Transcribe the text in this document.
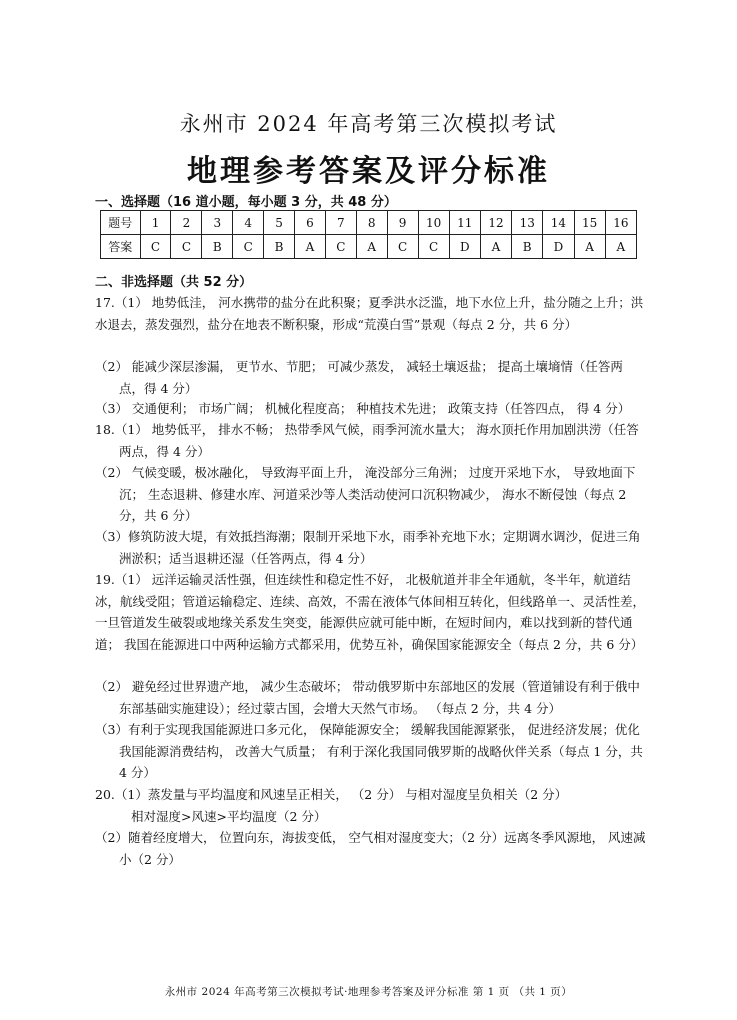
永州市 2024 年高考第三次模拟考试
地理参考答案及评分标准
一、选择题（16 道小题，每小题 3 分，共 48 分）
题号	1	2	3	4	5	6	7	8	9	10	11	12	13	14	15	16
答案	C	C	B	C	B	A	C	A	C	C	D	A	B	D	A	A
二、非选择题（共 52 分）

17.（1） 地势低洼， 河水携带的盐分在此积聚；夏季洪水泛滥，地下水位上升，盐分随之上升；洪水退去，蒸发强烈，盐分在地表不断积聚，形成“荒漠白雪”景观（每点 2 分，共 6 分）

（2） 能减少深层渗漏， 更节水、节肥； 可减少蒸发， 减轻土壤返盐； 提高土壤墒情（任答两点，得 4 分）

（3） 交通便利； 市场广阔； 机械化程度高； 种植技术先进； 政策支持（任答四点， 得 4 分）

18.（1） 地势低平， 排水不畅； 热带季风气候，雨季河流水量大； 海水顶托作用加剧洪涝（任答两点，得 4 分）

（2） 气候变暖，极冰融化， 导致海平面上升， 淹没部分三角洲； 过度开采地下水， 导致地面下沉； 生态退耕、修建水库、河道采沙等人类活动使河口沉积物减少， 海水不断侵蚀（每点 2 分，共 6 分）

（3）修筑防波大堤，有效抵挡海潮；限制开采地下水，雨季补充地下水；定期调水调沙，促进三角洲淤积；适当退耕还湿（任答两点，得 4 分）

19.（1） 远洋运输灵活性强，但连续性和稳定性不好， 北极航道并非全年通航，冬半年，航道结冰，航线受阻；管道运输稳定、连续、高效，不需在液体气体间相互转化，但线路单一、灵活性差， 一旦管道发生破裂或地缘关系发生突变，能源供应就可能中断，在短时间内，难以找到新的替代通道； 我国在能源进口中两种运输方式都采用，优势互补，确保国家能源安全（每点 2 分，共 6 分）

（2） 避免经过世界遗产地， 减少生态破坏； 带动俄罗斯中东部地区的发展（管道铺设有利于俄中东部基础实施建设）；经过蒙古国，会增大天然气市场。 （每点 2 分，共 4 分）

（3）有利于实现我国能源进口多元化， 保障能源安全； 缓解我国能源紧张， 促进经济发展；优化我国能源消费结构， 改善大气质量； 有利于深化我国同俄罗斯的战略伙伴关系（每点 1 分，共 4 分）

20.（1）蒸发量与平均温度和风速呈正相关， （2 分） 与相对湿度呈负相关（2 分）

相对湿度>风速>平均温度（2 分）

（2）随着经度增大， 位置向东，海拔变低， 空气相对湿度变大；（2 分）远离冬季风源地， 风速减小（2 分）

永州市 2024 年高考第三次模拟考试·地理参考答案及评分标准 第 1 页 （共 1 页）
